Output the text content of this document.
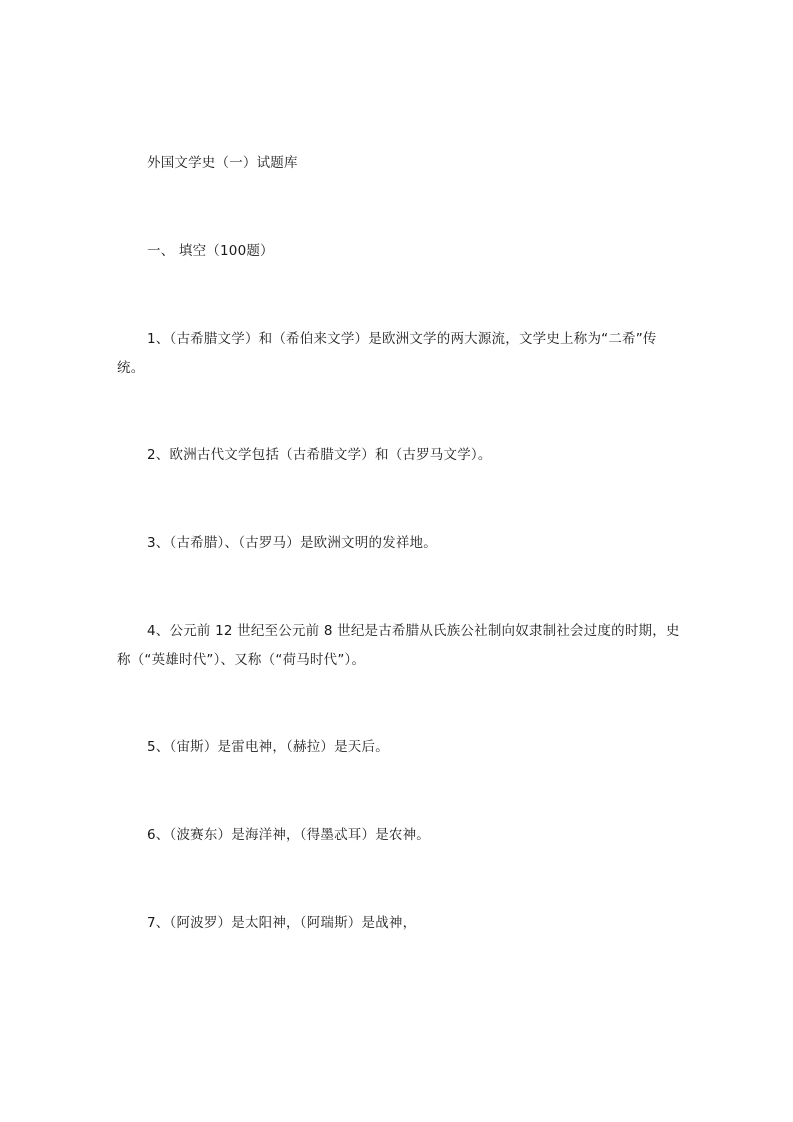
外国文学史（一）试题库
一、 填空（100题）
1、（古希腊文学）和（希伯来文学）是欧洲文学的两大源流，文学史上称为“二希”传
统。
2、欧洲古代文学包括（古希腊文学）和（古罗马文学）。
3、（古希腊）、（古罗马）是欧洲文明的发祥地。
4、公元前 12 世纪至公元前 8 世纪是古希腊从氏族公社制向奴隶制社会过度的时期，史
称（“英雄时代”）、又称（“荷马时代”）。
5、（宙斯）是雷电神，（赫拉）是天后。
6、（波赛东）是海洋神，（得墨忒耳）是农神。
7、（阿波罗）是太阳神，（阿瑞斯）是战神，
